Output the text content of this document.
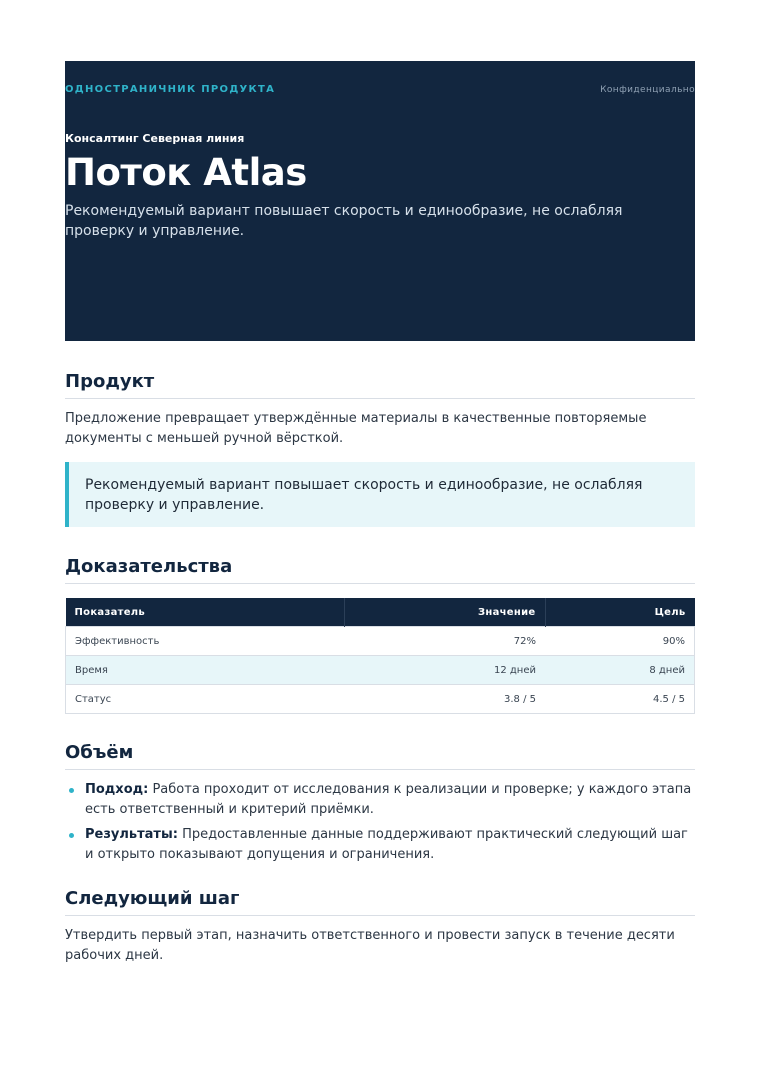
ОДНОСТРАНИЧНИК ПРОДУКТА	Конфиденциально
Консалтинг Северная линия
Поток Atlas
Рекомендуемый вариант повышает скорость и единообразие, не ослабляя проверку и управление.
Продукт

Предложение превращает утверждённые материалы в качественные повторяемые документы с меньшей ручной вёрсткой.

Рекомендуемый вариант повышает скорость и единообразие, не ослабляя проверку и управление.
Доказательства
Показатель	Значение	Цель
Эффективность	72%	90%
Время	12 дней	8 дней
Статус	3.8 / 5	4.5 / 5
Объём
Подход: Работа проходит от исследования к реализации и проверке; у каждого этапа есть ответственный и критерий приёмки.
Результаты: Предоставленные данные поддерживают практический следующий шаг и открыто показывают допущения и ограничения.
Следующий шаг

Утвердить первый этап, назначить ответственного и провести запуск в течение десяти рабочих дней.
